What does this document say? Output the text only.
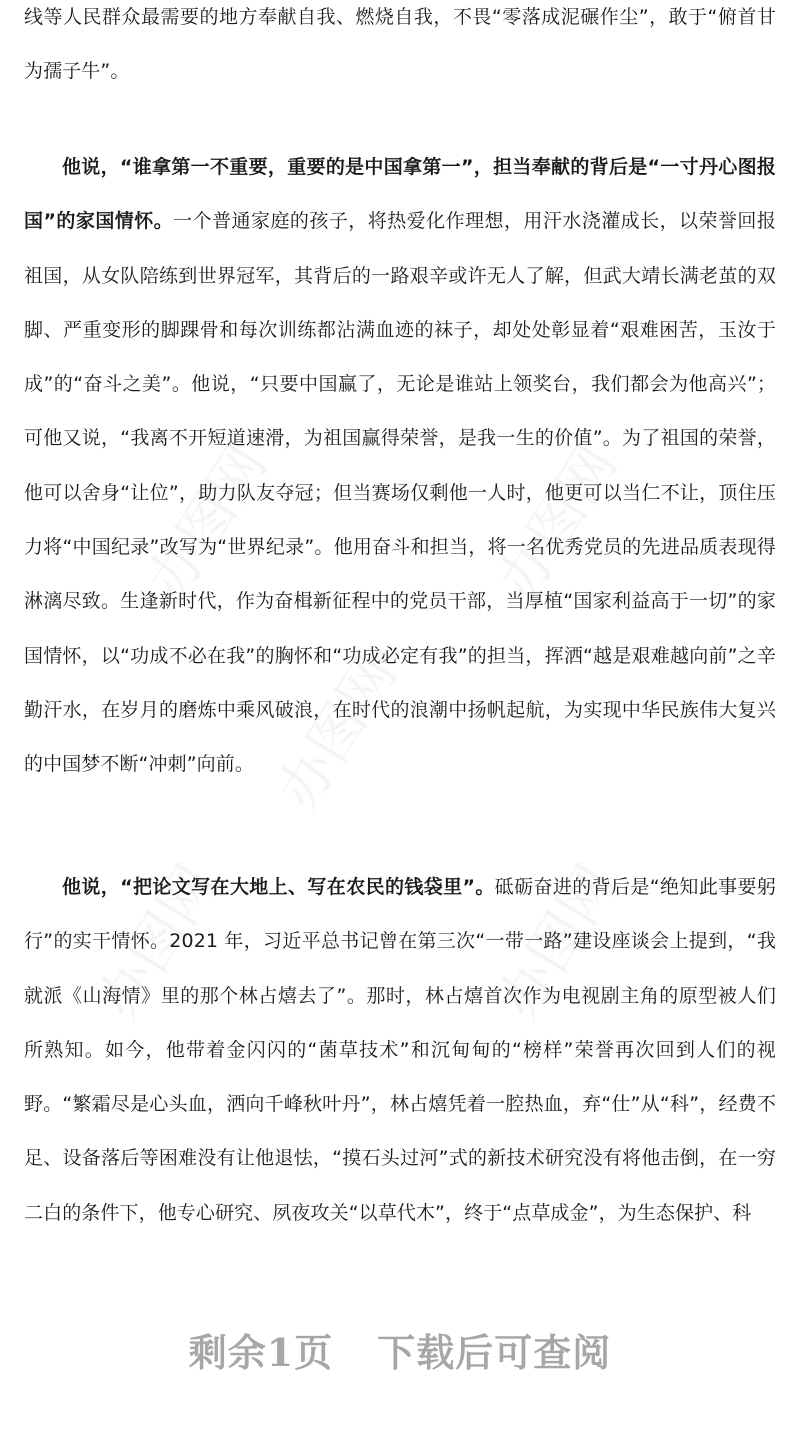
线等人民群众最需要的地方奉献自我、燃烧自我，不畏“零落成泥碾作尘”，敢于“俯首甘为孺子牛”。

他说，“谁拿第一不重要，重要的是中国拿第一”，担当奉献的背后是“一寸丹心图报国”的家国情怀。一个普通家庭的孩子，将热爱化作理想，用汗水浇灌成长，以荣誉回报祖国，从女队陪练到世界冠军，其背后的一路艰辛或许无人了解，但武大靖长满老茧的双脚、严重变形的脚踝骨和每次训练都沾满血迹的袜子，却处处彰显着“艰难困苦，玉汝于成”的“奋斗之美”。他说，“只要中国赢了，无论是谁站上领奖台，我们都会为他高兴”；可他又说，“我离不开短道速滑，为祖国赢得荣誉，是我一生的价值”。为了祖国的荣誉，他可以舍身“让位”，助力队友夺冠；但当赛场仅剩他一人时，他更可以当仁不让，顶住压力将“中国纪录”改写为“世界纪录”。他用奋斗和担当，将一名优秀党员的先进品质表现得淋漓尽致。生逢新时代，作为奋楫新征程中的党员干部，当厚植“国家利益高于一切”的家国情怀，以“功成不必在我”的胸怀和“功成必定有我”的担当，挥洒“越是艰难越向前”之辛勤汗水，在岁月的磨炼中乘风破浪，在时代的浪潮中扬帆起航，为实现中华民族伟大复兴的中国梦不断“冲刺”向前。

他说，“把论文写在大地上、写在农民的钱袋里”。砥砺奋进的背后是“绝知此事要躬行”的实干情怀。2021 年，习近平总书记曾在第三次“一带一路”建设座谈会上提到，“我就派《山海情》里的那个林占熺去了”。那时，林占熺首次作为电视剧主角的原型被人们所熟知。如今，他带着金闪闪的“菌草技术”和沉甸甸的“榜样”荣誉再次回到人们的视野。“繁霜尽是心头血，洒向千峰秋叶丹”，林占熺凭着一腔热血，弃“仕”从“科”，经费不足、设备落后等困难没有让他退怯，“摸石头过河”式的新技术研究没有将他击倒，在一穷二白的条件下，他专心研究、夙夜攻关“以草代木”，终于“点草成金”，为生态保护、科

剩余1页 下载后可查阅
